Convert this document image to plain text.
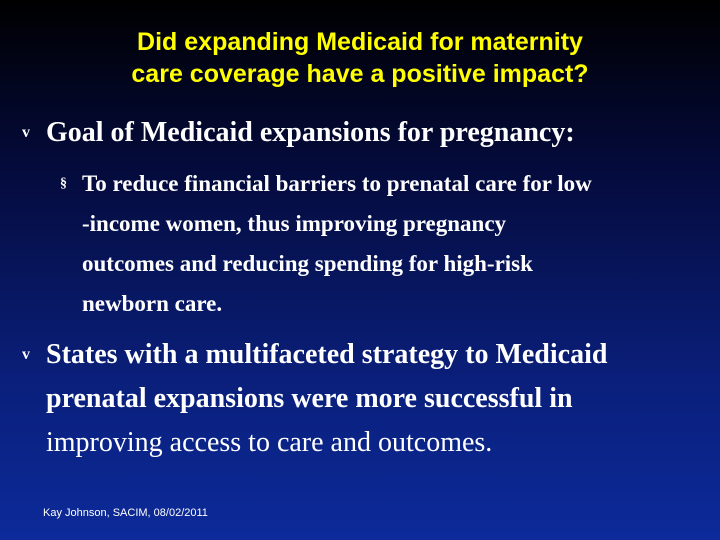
Did expanding Medicaid for maternity
care coverage have a positive impact?
v Goal of Medicaid expansions for pregnancy:
§ To reduce financial barriers to prenatal care for low
-income women, thus improving pregnancy
outcomes and reducing spending for high-risk
newborn care.
v States with a multifaceted strategy to Medicaid
prenatal expansions were more successful in
improving access to care and outcomes.
Kay Johnson, SACIM, 08/02/2011
